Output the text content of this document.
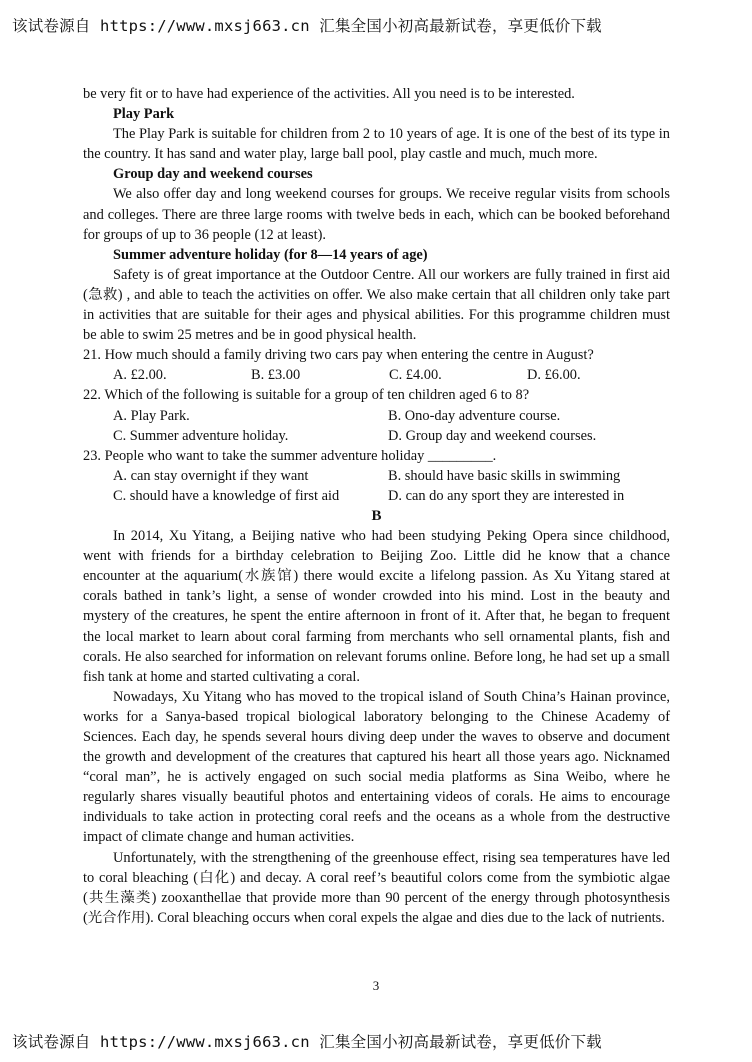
该试卷源自 https://www.mxsj663.cn 汇集全国小初高最新试卷，享更低价下载

be very fit or to have had experience of the activities. All you need is to be interested.

Play Park

The Play Park is suitable for children from 2 to 10 years of age. It is one of the best of its type in the country. It has sand and water play, large ball pool, play castle and much, much more.

Group day and weekend courses

We also offer day and long weekend courses for groups. We receive regular visits from schools and colleges. There are three large rooms with twelve beds in each, which can be booked beforehand for groups of up to 36 people (12 at least).

Summer adventure holiday (for 8—14 years of age)

Safety is of great importance at the Outdoor Centre. All our workers are fully trained in first aid (急救) , and able to teach the activities on offer. We also make certain that all children only take part in activities that are suitable for their ages and physical abilities. For this programme children must be able to swim 25 metres and be in good physical health.

21. How much should a family driving two cars pay when entering the centre in August?

A. £2.00.	B. £3.00	C. £4.00.	D. £6.00.

22. Which of the following is suitable for a group of ten children aged 6 to 8?

A. Play Park.	B. Ono-day adventure course.
C. Summer adventure holiday.	D. Group day and weekend courses.

23. People who want to take the summer adventure holiday _________.

A. can stay overnight if they want	B. should have basic skills in swimming
C. should have a knowledge of first aid	D. can do any sport they are interested in

B

In 2014, Xu Yitang, a Beijing native who had been studying Peking Opera since childhood, went with friends for a birthday celebration to Beijing Zoo. Little did he know that a chance encounter at the aquarium(水族馆) there would excite a lifelong passion. As Xu Yitang stared at corals bathed in tank’s light, a sense of wonder crowded into his mind. Lost in the beauty and mystery of the creatures, he spent the entire afternoon in front of it. After that, he began to frequent the local market to learn about coral farming from merchants who sell ornamental plants, fish and corals. He also searched for information on relevant forums online. Before long, he had set up a small fish tank at home and started cultivating a coral.

Nowadays, Xu Yitang who has moved to the tropical island of South China’s Hainan province, works for a Sanya-based tropical biological laboratory belonging to the Chinese Academy of Sciences. Each day, he spends several hours diving deep under the waves to observe and document the growth and development of the creatures that captured his heart all those years ago. Nicknamed “coral man”, he is actively engaged on such social media platforms as Sina Weibo, where he regularly shares visually beautiful photos and entertaining videos of corals. He aims to encourage individuals to take action in protecting coral reefs and the oceans as a whole from the destructive impact of climate change and human activities.

Unfortunately, with the strengthening of the greenhouse effect, rising sea temperatures have led to coral bleaching (白化) and decay. A coral reef’s beautiful colors come from the symbiotic algae (共生藻类) zooxanthellae that provide more than 90 percent of the energy through photosynthesis (光合作用). Coral bleaching occurs when coral expels the algae and dies due to the lack of nutrients.

3
该试卷源自 https://www.mxsj663.cn 汇集全国小初高最新试卷，享更低价下载
